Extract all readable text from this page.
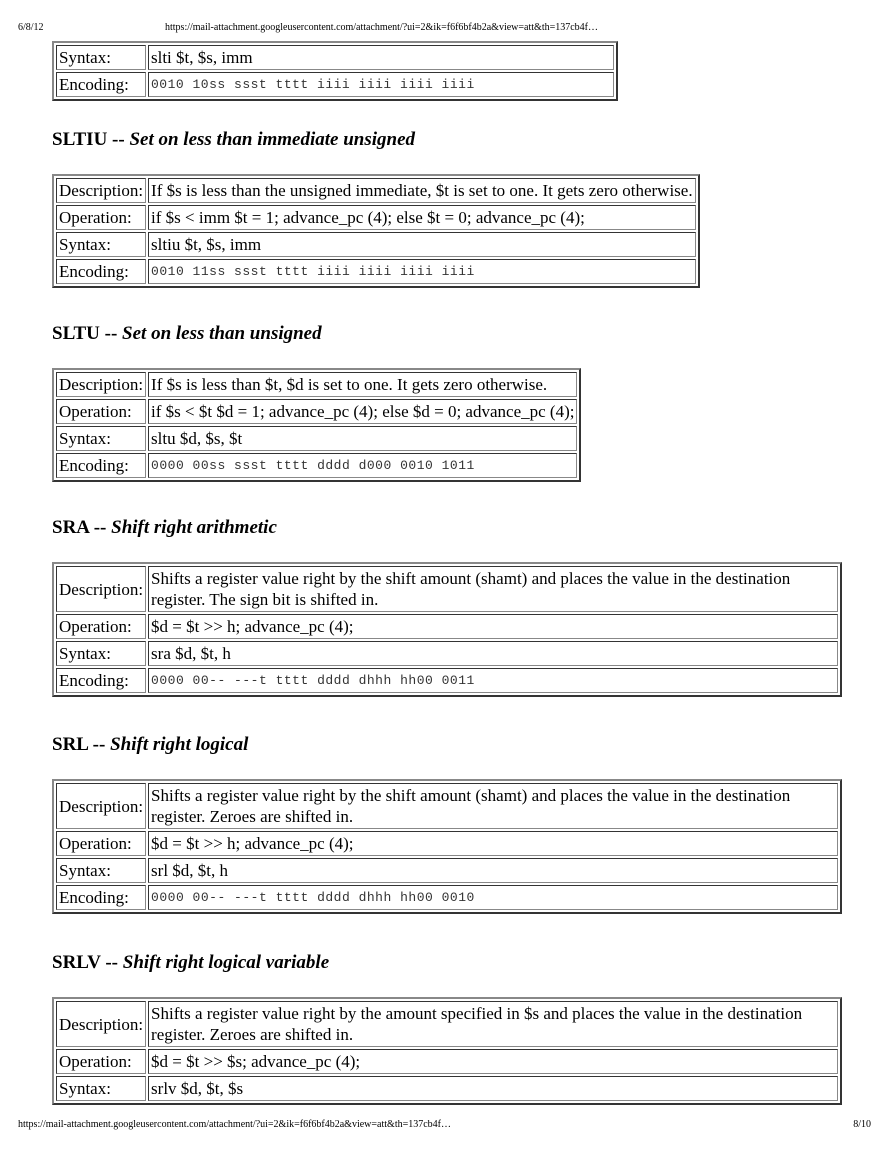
6/8/12	https://mail-attachment.googleusercontent.com/attachment/?ui=2&ik=f6f6bf4b2a&view=att&th=137cb4f…
Syntax:	slti $t, $s, imm
Encoding:	0010 10ss ssst tttt iiii iiii iiii iiii
SLTIU -- Set on less than immediate unsigned
Description:	If $s is less than the unsigned immediate, $t is set to one. It gets zero otherwise.
Operation:	if $s < imm $t = 1; advance_pc (4); else $t = 0; advance_pc (4);
Syntax:	sltiu $t, $s, imm
Encoding:	0010 11ss ssst tttt iiii iiii iiii iiii
SLTU -- Set on less than unsigned
Description:	If $s is less than $t, $d is set to one. It gets zero otherwise.
Operation:	if $s < $t $d = 1; advance_pc (4); else $d = 0; advance_pc (4);
Syntax:	sltu $d, $s, $t
Encoding:	0000 00ss ssst tttt dddd d000 0010 1011
SRA -- Shift right arithmetic
Description:	Shifts a register value right by the shift amount (shamt) and places the value in the destination register. The sign bit is shifted in.
Operation:	$d = $t >> h; advance_pc (4);
Syntax:	sra $d, $t, h
Encoding:	0000 00-- ---t tttt dddd dhhh hh00 0011
SRL -- Shift right logical
Description:	Shifts a register value right by the shift amount (shamt) and places the value in the destination register. Zeroes are shifted in.
Operation:	$d = $t >> h; advance_pc (4);
Syntax:	srl $d, $t, h
Encoding:	0000 00-- ---t tttt dddd dhhh hh00 0010
SRLV -- Shift right logical variable
Description:	Shifts a register value right by the amount specified in $s and places the value in the destination register. Zeroes are shifted in.
Operation:	$d = $t >> $s; advance_pc (4);
Syntax:	srlv $d, $t, $s
https://mail-attachment.googleusercontent.com/attachment/?ui=2&ik=f6f6bf4b2a&view=att&th=137cb4f…	8/10
